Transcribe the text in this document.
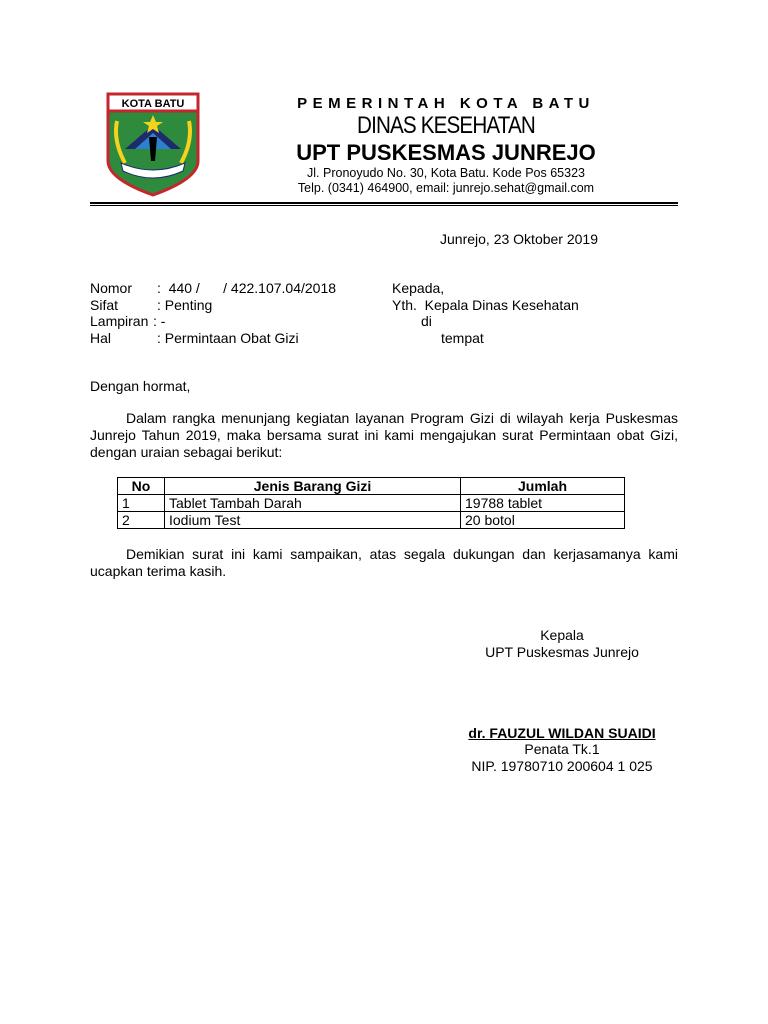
KOTA BATU	PEMERINTAH KOTA BATU
DINAS KESEHATAN
UPT PUSKESMAS JUNREJO
Jl. Pronoyudo No. 30, Kota Batu. Kode Pos 65323
Telp. (0341) 464900, email: junrejo.sehat@gmail.com
Junrejo, 23 Oktober 2019
Nomor :  440 /      / 422.107.04/2018
Sifat	: Penting
Lampiran : -
Hal	: Permintaan Obat Gizi
Kepada,
Yth.  Kepala Dinas Kesehatan
di
tempat
Dengan hormat,
Dalam rangka menunjang kegiatan layanan Program Gizi di wilayah kerja Puskesmas
Junrejo Tahun 2019, maka bersama surat ini kami mengajukan surat Permintaan obat Gizi,
dengan uraian sebagai berikut:
No	Jenis Barang Gizi	Jumlah
1	Tablet Tambah Darah	19788 tablet
2	Iodium Test	20 botol
Demikian surat ini kami sampaikan, atas segala dukungan dan kerjasamanya kami
ucapkan terima kasih.
Kepala
UPT Puskesmas Junrejo
dr. FAUZUL WILDAN SUAIDI
Penata Tk.1
NIP. 19780710 200604 1 025
